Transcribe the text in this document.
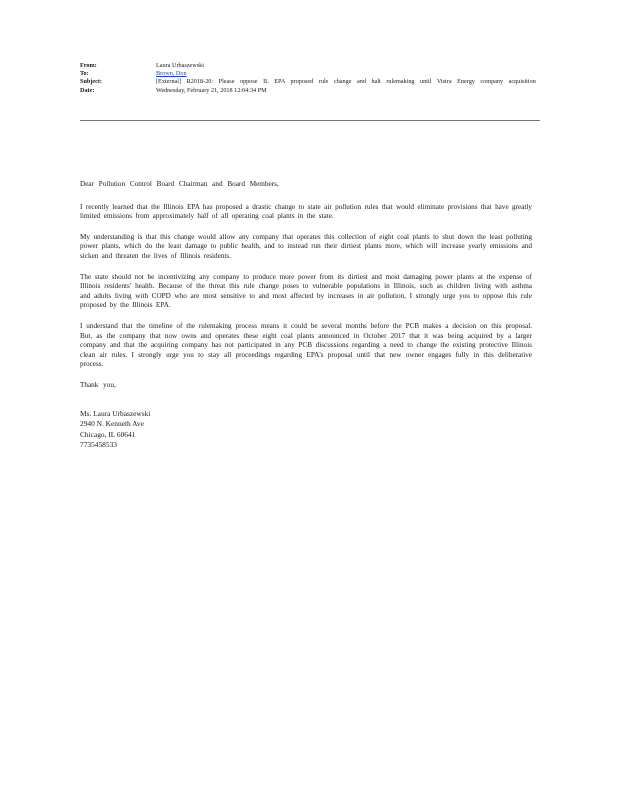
From:	Laura Urbaszewski
To:	Brown, Don
Subject:	[External] R2018-20: Please oppose IL EPA proposed rule change and halt rulemaking until Vistra Energy company acquisition
Date:	Wednesday, February 21, 2018 12:04:34 PM

Dear Pollution Control Board Chairman and Board Members,

I recently learned that the Illinois EPA has proposed a drastic change to state air pollution rules that would eliminate provisions that have greatly limited emissions from approximately half of all operating coal plants in the state.

My understanding is that this change would allow any company that operates this collection of eight coal plants to shut down the least polluting power plants, which do the least damage to public health, and to instead run their dirtiest plants more, which will increase yearly emissions and sicken and threaten the lives of Illinois residents.

The state should not be incentivizing any company to produce more power from its dirtiest and most damaging power plants at the expense of Illinois residents' health. Because of the threat this rule change poses to vulnerable populations in Illinois, such as children living with asthma and adults living with COPD who are most sensitive to and most affected by increases in air pollution, I strongly urge you to oppose this rule proposed by the Illinois EPA.

I understand that the timeline of the rulemaking process means it could be several months before the PCB makes a decision on this proposal. But, as the company that now owns and operates these eight coal plants announced in October 2017 that it was being acquired by a larger company and that the acquiring company has not participated in any PCB discussions regarding a need to change the existing protective Illinois clean air rules, I strongly urge you to stay all proceedings regarding EPA's proposal until that new owner engages fully in this deliberative process.

Thank you,

Ms. Laura Urbaszewski
2940 N. Kenneth Ave
Chicago, IL 60641
7735458533
